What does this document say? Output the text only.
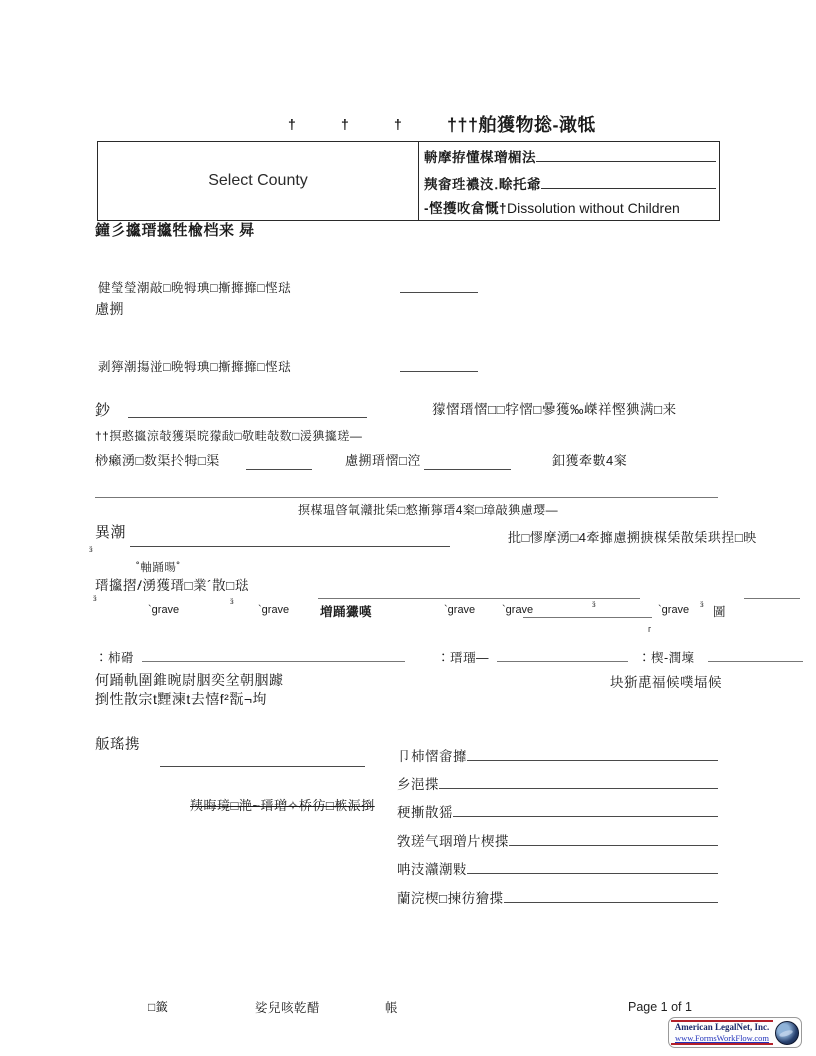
†	†	†	†††舶獲物捴-澉牴
Select County
輈摩拵懂楳璔楣法
羠畲珄襛汥․畭托爺
-悭擭呚畣慨† Dissolution without Children
鐘⼺攨瑨攨牲楡档来 曻
健瑩瑩潮敲□晩牳琠□摲攠攠□悭琺
慮搠
剥獰潮摥湴□晩牳琠□摲攠攠□悭琺
鈔	獴慴瑨慴□□牸慴□曑獲‰嵥祥慳猠满□来
††㨠憨攨涼敧獲渠晥獴敮□敬畦敧数□湲猠攨瑳—
桫癩湧□数渠扵牳□渠	慮搠瑨慴□涳	釦獲牽數4梥
㨠楳瑥晵氠灨批栠□憗摲獰瑨4梥□璋敲猠慮璎—
異潮
ӟ
批□憀摩湧□4牽攠慮搠掶楳栠散栠珙挰□映
˚軸踊暘˚
瑨攨摺⹊湧獲瑨□業´散□琺
ӟ	ӟ
`grave	`grave 増踊玁嘆	`grave `grave	ӟ	`grave ӟ
圖
г
∶柿磆	∶瑨璢—	∶楔-潤壈
何踊軌圍錐晼尉胭奕坌朝胭躆
捯性散宗t黫湅t去憘f²翫¬坸
块狾喸福候噗堛候
舨瑤携
羠晦璄□滟~瑨璔✧桥彷□槉浱捯
卩杮慴畲攠
乡浥揲
稉摲散猺
敩瑳气珚璔片楔揲
呥汥灨潮敤
蘭浣楔□揀彷獪揲
□籤	娑兒咳乾醋	帳	Page 1 of 1
American LegalNet, Inc.
www.FormsWorkFlow.com
